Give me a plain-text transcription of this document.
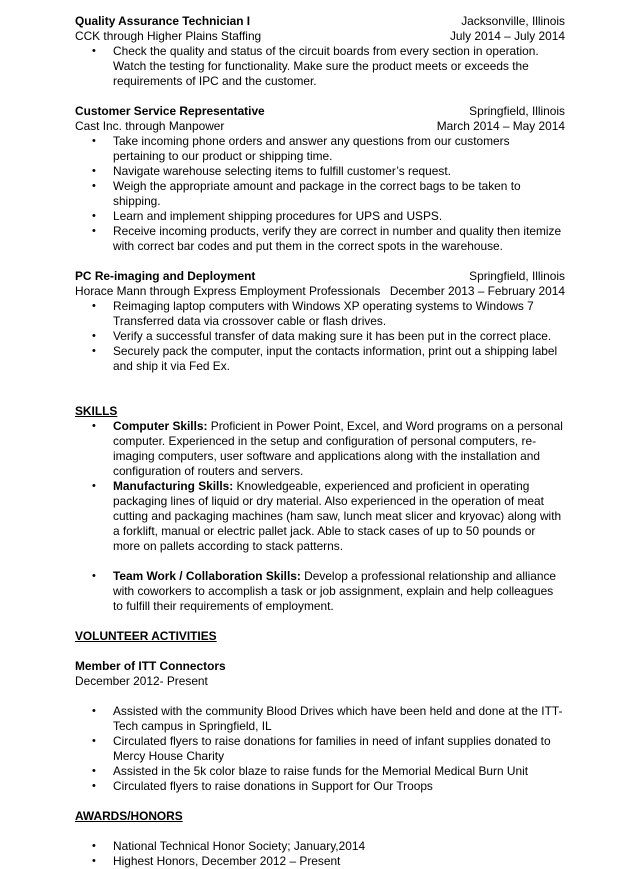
Quality Assurance Technician I	Jacksonville, Illinois
CCK through Higher Plains Staffing	July 2014 – July 2014
• Check the quality and status of the circuit boards from every section in operation. Watch the testing for functionality. Make sure the product meets or exceeds the requirements of IPC and the customer.
Customer Service Representative	Springfield, Illinois
Cast Inc. through Manpower	March 2014 – May 2014
• Take incoming phone orders and answer any questions from our customers pertaining to our product or shipping time.
• Navigate warehouse selecting items to fulfill customer’s request.
• Weigh the appropriate amount and package in the correct bags to be taken to shipping.
• Learn and implement shipping procedures for UPS and USPS.
• Receive incoming products, verify they are correct in number and quality then itemize with correct bar codes and put them in the correct spots in the warehouse.
PC Re-imaging and Deployment	Springfield, Illinois
Horace Mann through Express Employment Professionals December 2013 – February 2014
• Reimaging laptop computers with Windows XP operating systems to Windows 7 Transferred data via crossover cable or flash drives.
• Verify a successful transfer of data making sure it has been put in the correct place.
• Securely pack the computer, input the contacts information, print out a shipping label and ship it via Fed Ex.
SKILLS
• Computer Skills: Proficient in Power Point, Excel, and Word programs on a personal computer. Experienced in the setup and configuration of personal computers, re-imaging computers, user software and applications along with the installation and configuration of routers and servers.
• Manufacturing Skills: Knowledgeable, experienced and proficient in operating packaging lines of liquid or dry material. Also experienced in the operation of meat cutting and packaging machines (ham saw, lunch meat slicer and kryovac) along with a forklift, manual or electric pallet jack. Able to stack cases of up to 50 pounds or more on pallets according to stack patterns.
• Team Work / Collaboration Skills: Develop a professional relationship and alliance with coworkers to accomplish a task or job assignment, explain and help colleagues to fulfill their requirements of employment.
VOLUNTEER ACTIVITIES
Member of ITT Connectors
December 2012- Present
• Assisted with the community Blood Drives which have been held and done at the ITT-Tech campus in Springfield, IL
• Circulated flyers to raise donations for families in need of infant supplies donated to Mercy House Charity
• Assisted in the 5k color blaze to raise funds for the Memorial Medical Burn Unit
• Circulated flyers to raise donations in Support for Our Troops
AWARDS/HONORS
• National Technical Honor Society; January,2014
• Highest Honors, December 2012 – Present
